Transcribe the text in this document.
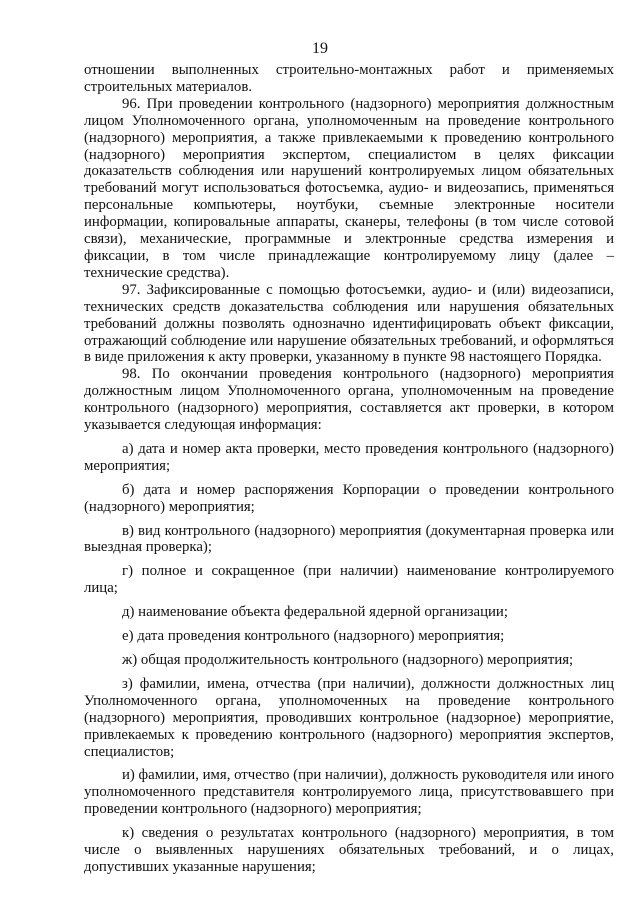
19

отношении выполненных строительно-монтажных работ и применяемых строительных материалов.

96. При проведении контрольного (надзорного) мероприятия должностным лицом Уполномоченного органа, уполномоченным на проведение контрольного (надзорного) мероприятия, а также привлекаемыми к проведению контрольного (надзорного) мероприятия экспертом, специалистом в целях фиксации доказательств соблюдения или нарушений контролируемых лицом обязательных требований могут использоваться фотосъемка, аудио- и видеозапись, применяться персональные компьютеры, ноутбуки, съемные электронные носители информации, копировальные аппараты, сканеры, телефоны (в том числе сотовой связи), механические, программные и электронные средства измерения и фиксации, в том числе принадлежащие контролируемому лицу (далее – технические средства).

97. Зафиксированные с помощью фотосъемки, аудио- и (или) видеозаписи, технических средств доказательства соблюдения или нарушения обязательных требований должны позволять однозначно идентифицировать объект фиксации, отражающий соблюдение или нарушение обязательных требований, и оформляться в виде приложения к акту проверки, указанному в пункте 98 настоящего Порядка.

98. По окончании проведения контрольного (надзорного) мероприятия должностным лицом Уполномоченного органа, уполномоченным на проведение контрольного (надзорного) мероприятия, составляется акт проверки, в котором указывается следующая информация:

а) дата и номер акта проверки, место проведения контрольного (надзорного) мероприятия;

б) дата и номер распоряжения Корпорации о проведении контрольного (надзорного) мероприятия;

в) вид контрольного (надзорного) мероприятия (документарная проверка или выездная проверка);

г) полное и сокращенное (при наличии) наименование контролируемого лица;

д) наименование объекта федеральной ядерной организации;

е) дата проведения контрольного (надзорного) мероприятия;

ж) общая продолжительность контрольного (надзорного) мероприятия;

з) фамилии, имена, отчества (при наличии), должности должностных лиц Уполномоченного органа, уполномоченных на проведение контрольного (надзорного) мероприятия, проводивших контрольное (надзорное) мероприятие, привлекаемых к проведению контрольного (надзорного) мероприятия экспертов, специалистов;

и) фамилии, имя, отчество (при наличии), должность руководителя или иного уполномоченного представителя контролируемого лица, присутствовавшего при проведении контрольного (надзорного) мероприятия;

к) сведения о результатах контрольного (надзорного) мероприятия, в том числе о выявленных нарушениях обязательных требований, и о лицах, допустивших указанные нарушения;
